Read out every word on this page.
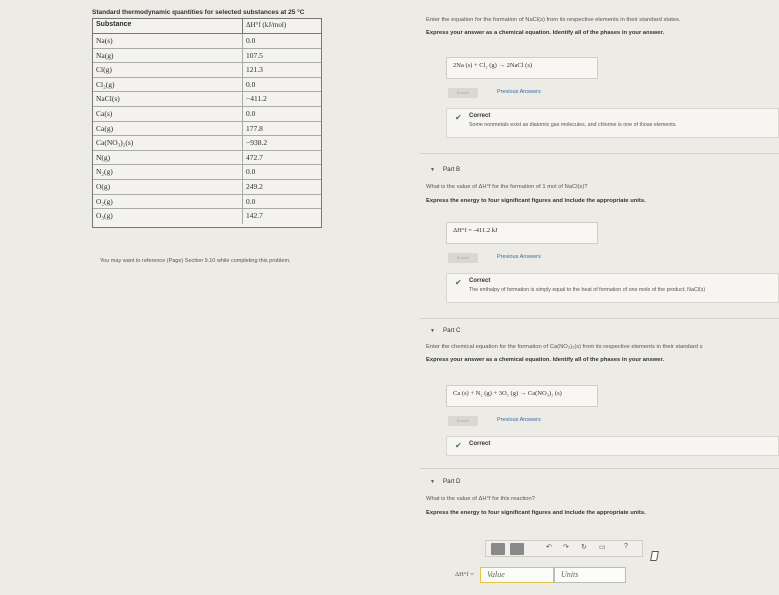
Standard thermodynamic quantities for selected substances at 25 °C
Substance	ΔH°f (kJ/mol)
Na(s)	0.0
Na(g)	107.5
Cl(g)	121.3
Cl₂(g)	0.0
NaCl(s)	−411.2
Ca(s)	0.0
Ca(g)	177.8
Ca(NO₃)₂(s)	−938.2
N(g)	472.7
N₂(g)	0.0
O(g)	249.2
O₂(g)	0.0
O₃(g)	142.7
You may want to reference (Page) Section 9.10 while completing this problem.
Enter the equation for the formation of NaCl(s) from its respective elements in their standard states.
Express your answer as a chemical equation. Identify all of the phases in your answer.
2Na (s) + Cl₂ (g) → 2NaCl (s)
Submit	Previous Answers
✔ Correct
Some nonmetals exist as diatomic gas molecules, and chlorine is one of those elements.
▼ Part B
What is the value of ΔH°f for the formation of 1 mol of NaCl(s)?
Express the energy to four significant figures and include the appropriate units.
ΔH°f = -411.2 kJ
Submit	Previous Answers
✔ Correct
The enthalpy of formation is simply equal to the heat of formation of one mole of the product, NaCl(s)
▼ Part C
Enter the chemical equation for the formation of Ca(NO₃)₂(s) from its respective elements in their standard s
Express your answer as a chemical equation. Identify all of the phases in your answer.
Ca (s) + N₂ (g) + 3O₂ (g) → Ca(NO₃)₂ (s)
Submit	Previous Answers
✔ Correct
▼ Part D
What is the value of ΔH°f for this reaction?
Express the energy to four significant figures and include the appropriate units.
↶ ↷ ↻ ▭	?
ΔH°f =	Value	Units
